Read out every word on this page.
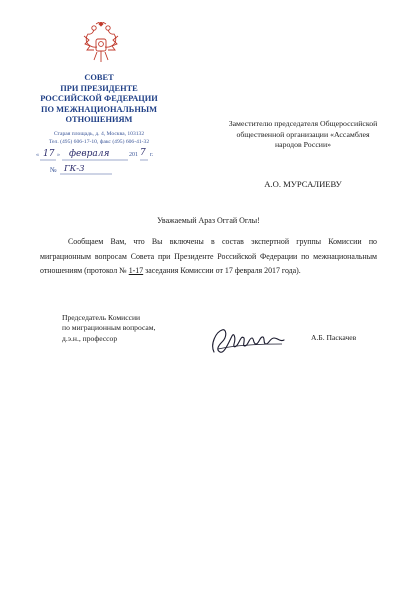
СОВЕТ
ПРИ ПРЕЗИДЕНТЕ
РОССИЙСКОЙ ФЕДЕРАЦИИ
ПО МЕЖНАЦИОНАЛЬНЫМ
ОТНОШЕНИЯМ
Старая площадь, д. 4, Москва, 103132
Тел. (495) 606-17-10, факс (495) 606-41-32
« 17 » февраля	201 7 г.
№ ГК-3
Заместителю председателя Общероссийской
общественной организации «Ассамблея
народов России»
А.О. МУРСАЛИЕВУ
Уважаемый Араз Оггай Оглы!
Сообщаем Вам, что Вы включены в состав экспертной группы Комиссии по миграционным вопросам Совета при Президенте Российской Федерации по межнациональным отношениям (протокол № 1-17 заседания Комиссии от 17 февраля 2017 года).
Председатель Комиссии
по миграционным вопросам,
д.э.н., профессор	А.Б. Паскачев
